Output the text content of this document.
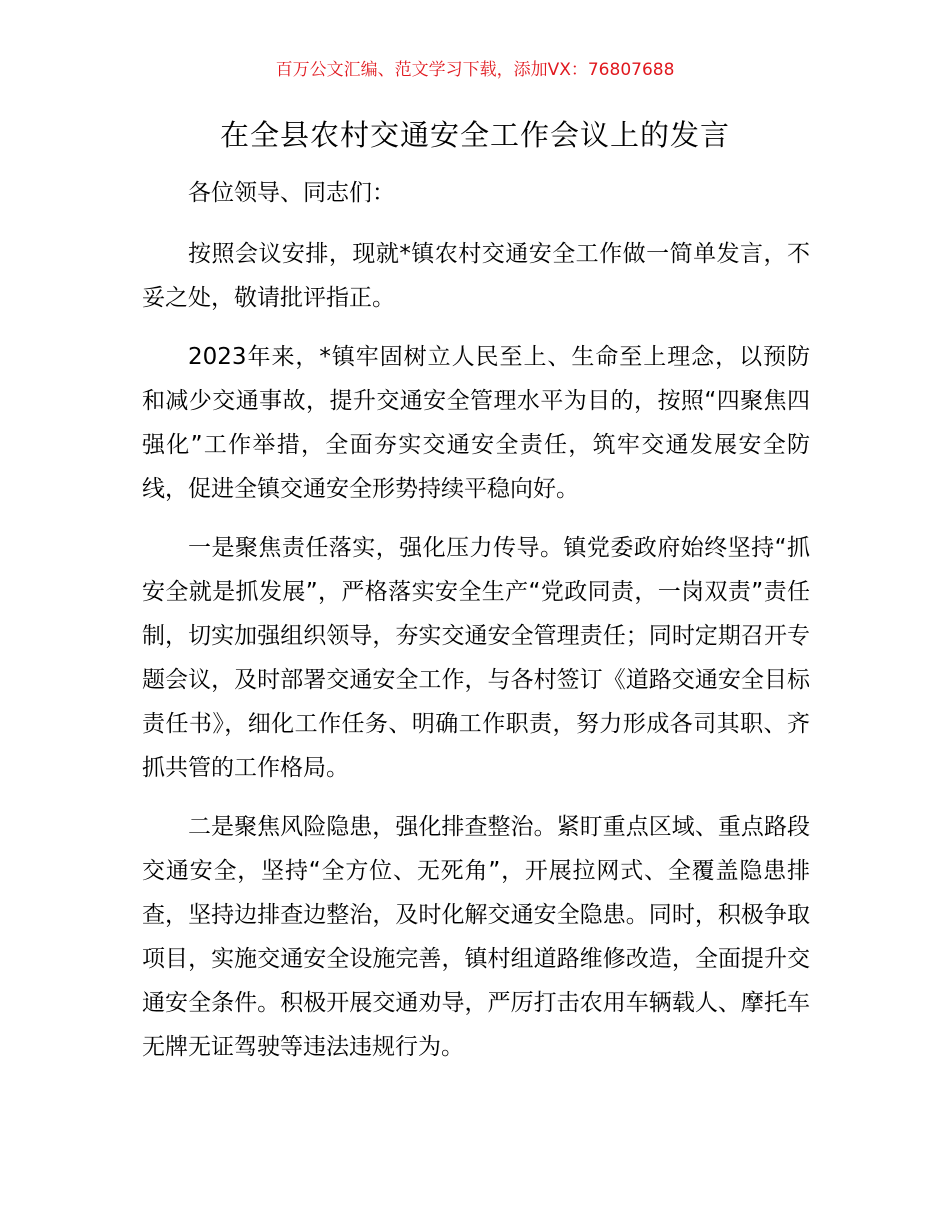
百万公文汇编、范文学习下载，添加VX：76807688
在全县农村交通安全工作会议上的发言

各位领导、同志们：

按照会议安排，现就*镇农村交通安全工作做一简单发言，不妥之处，敬请批评指正。

2023年来，*镇牢固树立人民至上、生命至上理念，以预防和减少交通事故，提升交通安全管理水平为目的，按照“四聚焦四强化”工作举措，全面夯实交通安全责任，筑牢交通发展安全防线，促进全镇交通安全形势持续平稳向好。

一是聚焦责任落实，强化压力传导。镇党委政府始终坚持“抓安全就是抓发展”，严格落实安全生产“党政同责，一岗双责”责任制，切实加强组织领导，夯实交通安全管理责任；同时定期召开专题会议，及时部署交通安全工作，与各村签订《道路交通安全目标责任书》，细化工作任务、明确工作职责，努力形成各司其职、齐抓共管的工作格局。

二是聚焦风险隐患，强化排查整治。紧盯重点区域、重点路段交通安全，坚持“全方位、无死角”，开展拉网式、全覆盖隐患排查，坚持边排查边整治，及时化解交通安全隐患。同时，积极争取项目，实施交通安全设施完善，镇村组道路维修改造，全面提升交通安全条件。积极开展交通劝导，严厉打击农用车辆载人、摩托车无牌无证驾驶等违法违规行为。
